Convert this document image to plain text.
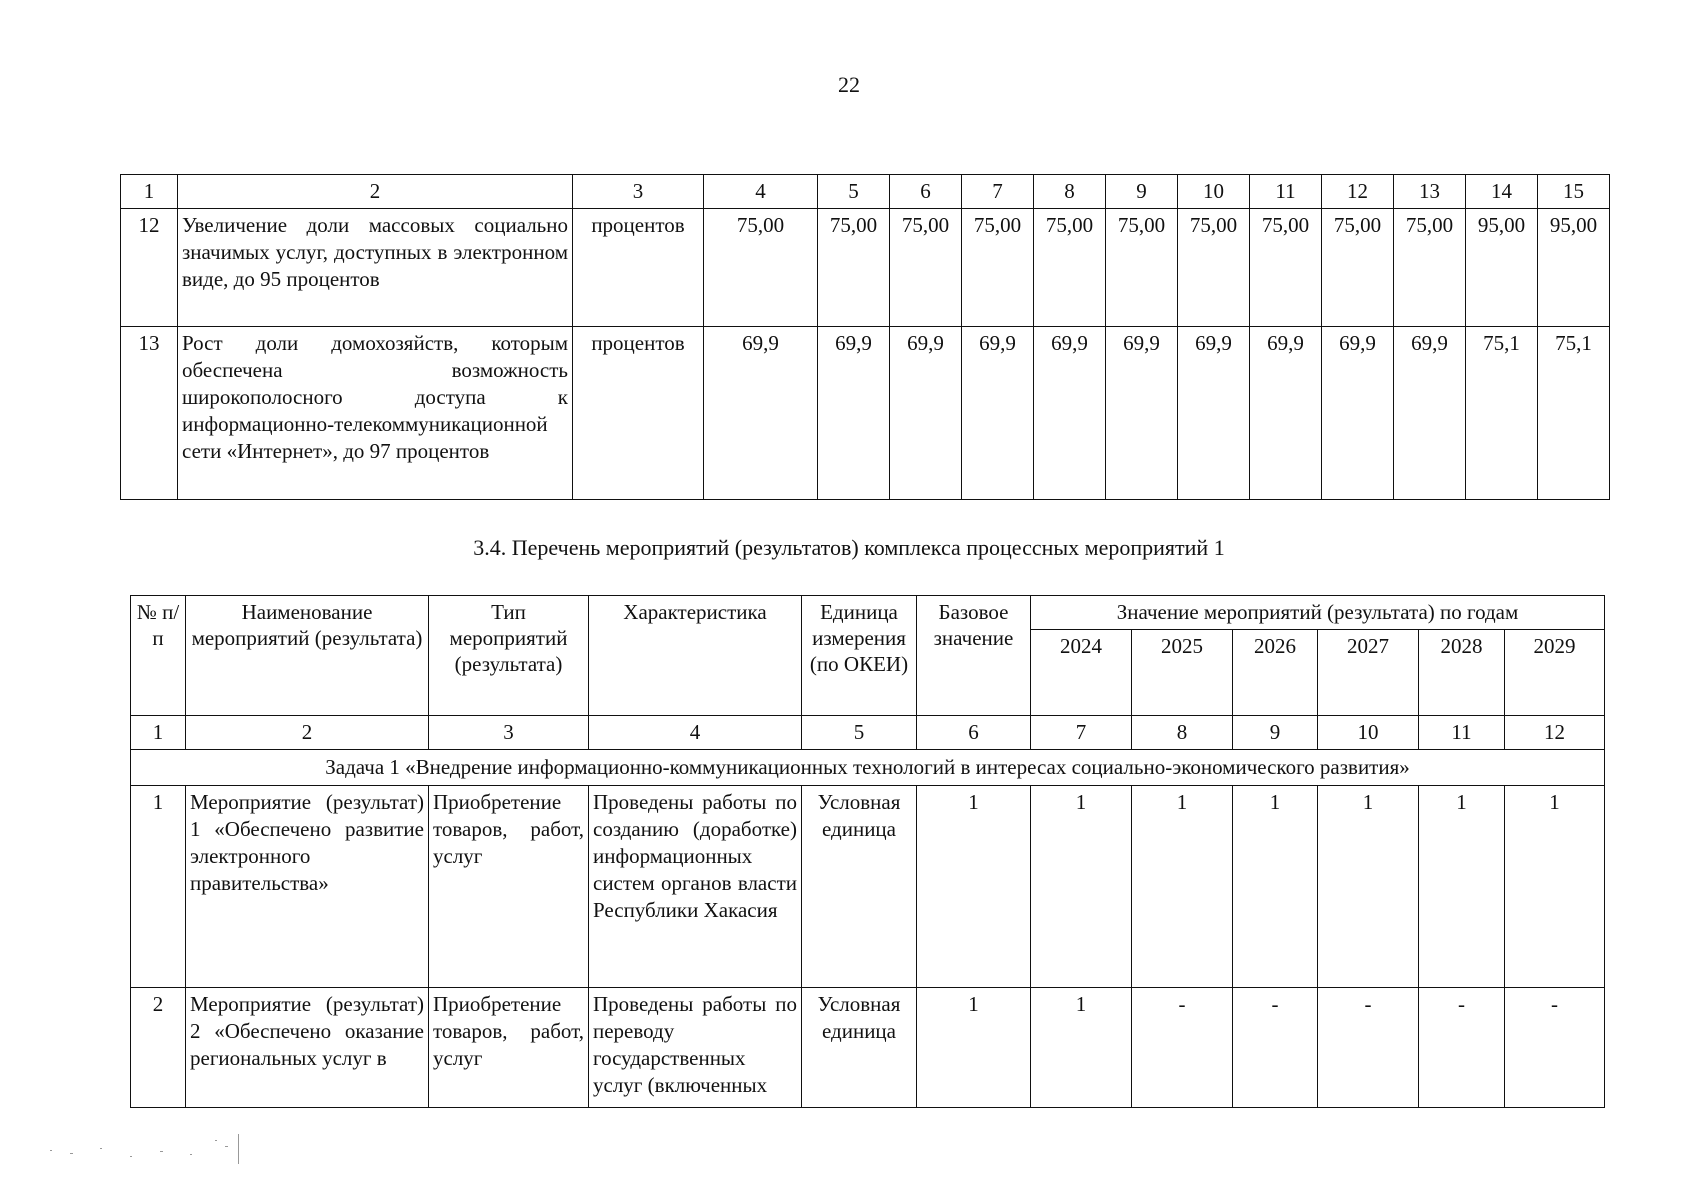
22
1	2	3	4	5	6	7	8	9	10	11	12	13	14	15
12	Увеличение доли массовых социально значимых услуг, доступных в электронном виде, до 95 процентов	процентов	75,00	75,00	75,00	75,00	75,00	75,00	75,00	75,00	75,00	75,00	95,00	95,00
13	Рост доли домохозяйств, которым обеспечена возможность широкополосного доступа к информационно-телекоммуникационной сети «Интернет», до 97 процентов	процентов	69,9	69,9	69,9	69,9	69,9	69,9	69,9	69,9	69,9	69,9	75,1	75,1
3.4. Перечень мероприятий (результатов) комплекса процессных мероприятий 1
№ п/п	Наименование мероприятий (результата)	Тип мероприятий (результата)	Характеристика	Единица измерения (по ОКЕИ)	Базовое значение	Значение мероприятий (результата) по годам					
						2024	2025	2026	2027	2028	2029
1	2	3	4	5	6	7	8	9	10	11	12
Задача 1 «Внедрение информационно-коммуникационных технологий в интересах социально-экономического развития»											
1	Мероприятие (результат) 1 «Обеспечено развитие электронного правительства»	Приобретение товаров, работ, услуг	Проведены работы по созданию (доработке) информационных систем органов власти Республики Хакасия	Условная единица	1	1	1	1	1	1	1
2	Мероприятие (результат) 2 «Обеспечено оказание региональных услуг в	Приобретение товаров, работ, услуг	Проведены работы по переводу государственных услуг (включенных	Условная единица	1	1	-	-	-	-	-
